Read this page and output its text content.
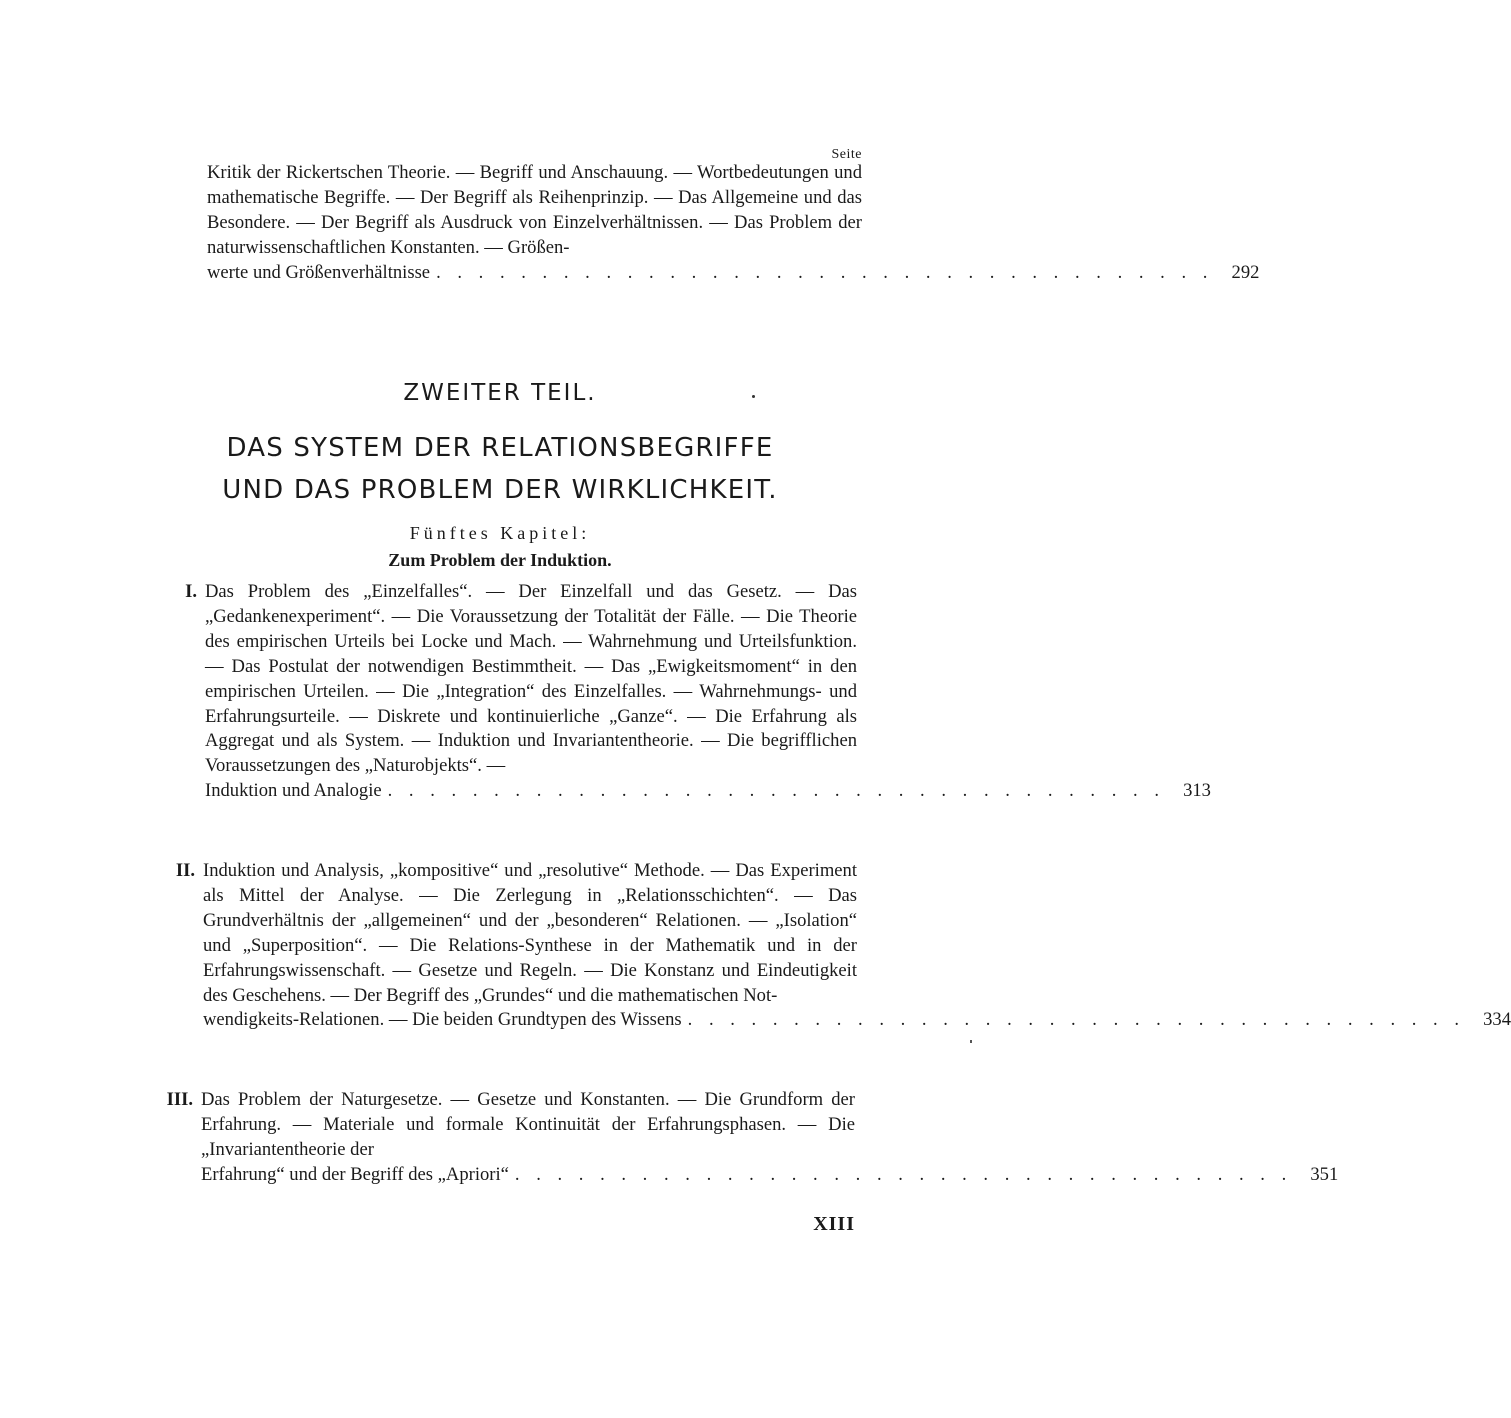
Seite
Kritik der Rickertschen Theorie. — Begriff und Anschauung. — Wortbedeutungen und mathematische Begriffe. — Der Begriff als Reihenprinzip. — Das Allgemeine und das Besondere. — Der Begriff als Ausdruck von Einzelverhältnissen. — Das Problem der naturwissenschaftlichen Konstanten. — Größen-
werte und Größenverhältnisse . . . . . . . . . . . . . . . . . . . . . . . . . . . . . . . . . . . . . 292
ZWEITER TEIL.
DAS SYSTEM DER RELATIONSBEGRIFFE
UND DAS PROBLEM DER WIRKLICHKEIT.
Fünftes Kapitel:
Zum Problem der Induktion.
I. Das Problem des „Einzelfalles“. — Der Einzelfall und das Gesetz. — Das „Gedankenexperiment“. — Die Voraussetzung der Totalität der Fälle. — Die Theorie des empirischen Urteils bei Locke und Mach. — Wahrnehmung und Urteilsfunktion. — Das Postulat der notwendigen Bestimmtheit. — Das „Ewigkeitsmoment“ in den empirischen Urteilen. — Die „Integration“ des Einzelfalles. — Wahrnehmungs- und Erfahrungsurteile. — Diskrete und kontinuierliche „Ganze“. — Die Erfahrung als Aggregat und als System. — Induktion und Invariantentheorie. — Die begrifflichen Voraussetzungen des „Naturobjekts“. —
Induktion und Analogie . . . . . . . . . . . . . . . . . . . . . . . . . . . . . . . . . . . . . 313
II. Induktion und Analysis, „kompositive“ und „resolutive“ Methode. — Das Experiment als Mittel der Analyse. — Die Zerlegung in „Relationsschichten“. — Das Grundverhältnis der „allgemeinen“ und der „besonderen“ Relationen. — „Isolation“ und „Superposition“. — Die Relations-Synthese in der Mathematik und in der Erfahrungswissenschaft. — Gesetze und Regeln. — Die Konstanz und Eindeutigkeit des Geschehens. — Der Begriff des „Grundes“ und die mathematischen Not-
wendigkeits-Relationen. — Die beiden Grundtypen des Wissens . . . . . . . . . . . . . . . . . . . . . . . . . . . . . . . . . . . . . 334
III. Das Problem der Naturgesetze. — Gesetze und Konstanten. — Die Grundform der Erfahrung. — Materiale und formale Kontinuität der Erfahrungsphasen. — Die „Invariantentheorie der
Erfahrung“ und der Begriff des „Apriori“ . . . . . . . . . . . . . . . . . . . . . . . . . . . . . . . . . . . . . 351
XIII
